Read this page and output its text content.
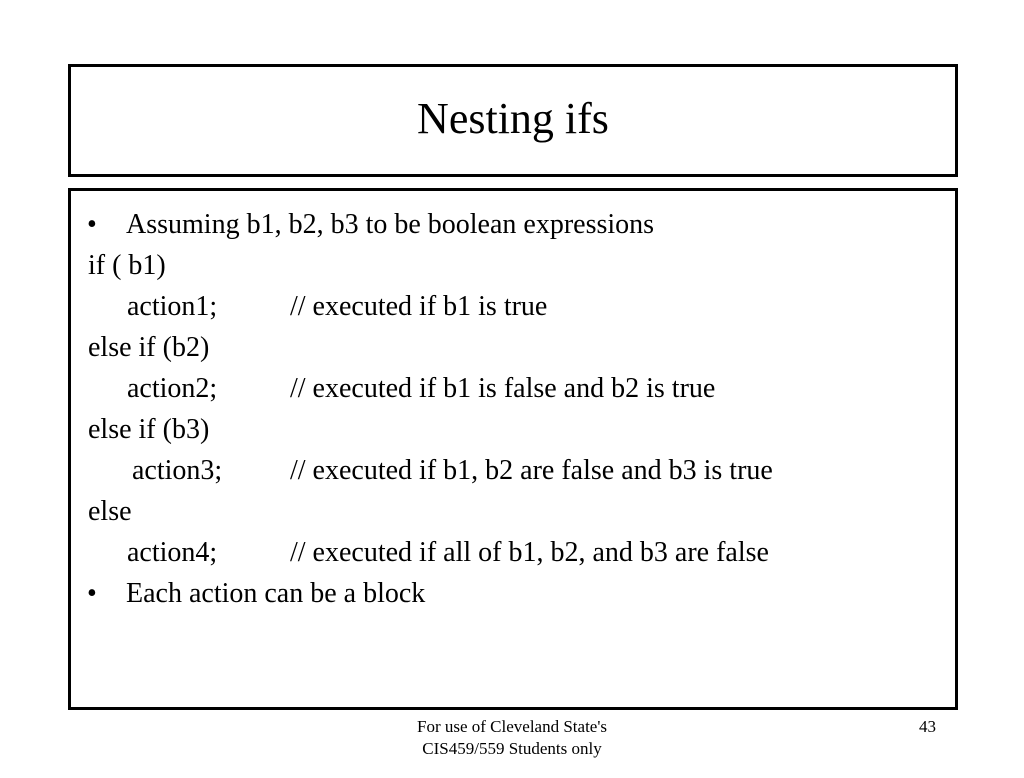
Nesting ifs
• Assuming b1, b2, b3 to be boolean expressions
if ( b1)
action1;	// executed if b1 is true
else if (b2)
action2;	// executed if b1 is false and b2 is true
else if (b3)
action3; // executed if b1, b2 are false and b3 is true
else
action4;	// executed if all of b1, b2, and b3 are false
• Each action can be a block
For use of Cleveland State's
CIS459/559 Students only
43
